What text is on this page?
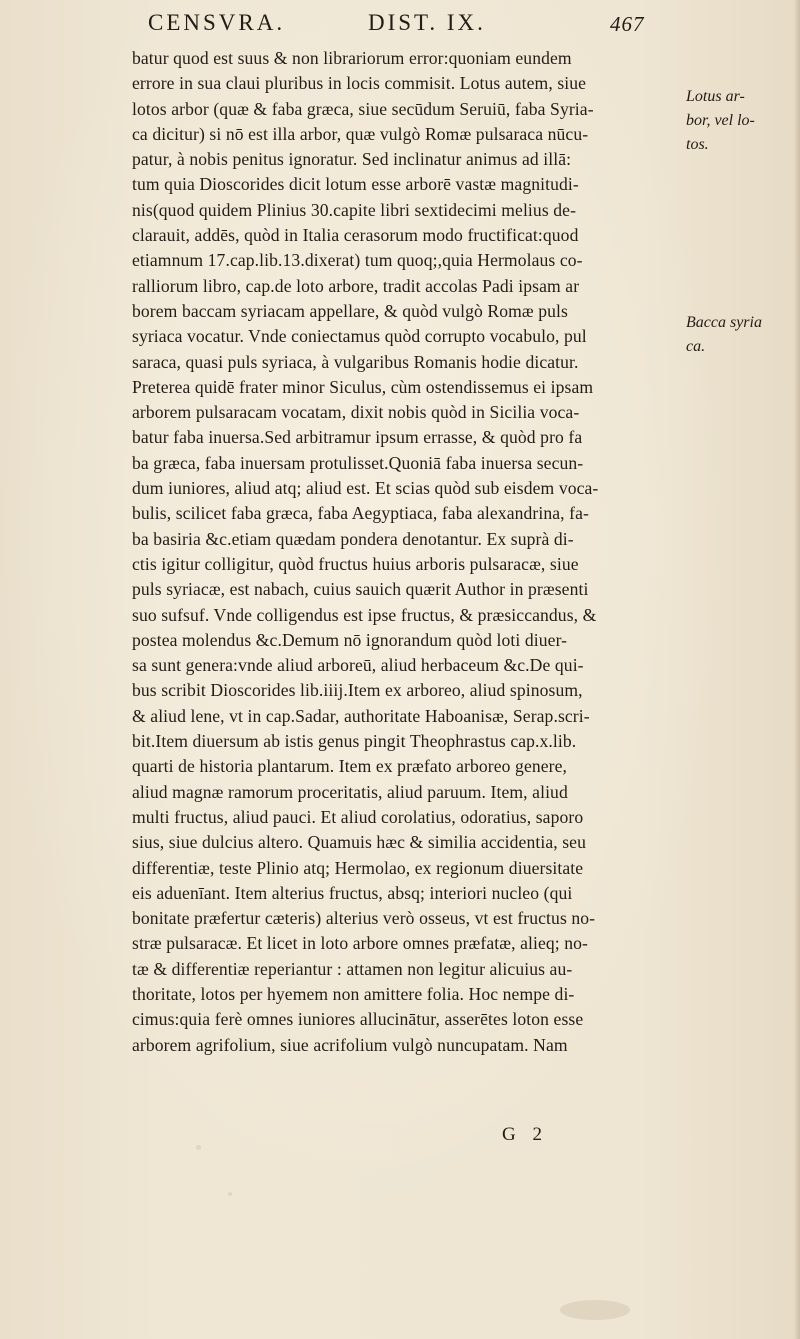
CENSVRA.	DIST. IX.	467
batur quod est suus & non librariorum error:quoniam eundem
errore in sua claui pluribus in locis commisit. Lotus autem, siue
lotos arbor (quæ & faba græca, siue secūdum Seruiū, faba Syria-
ca dicitur) si nō est illa arbor, quæ vulgò Romæ pulsaraca nūcu-
patur, à nobis penitus ignoratur. Sed inclinatur animus ad illā:
tum quia Dioscorides dicit lotum esse arborē vastæ magnitudi-
nis(quod quidem Plinius 30.capite libri sextidecimi melius de-
clarauit, addēs, quòd in Italia cerasorum modo fructificat:quod
etiamnum 17.cap.lib.13.dixerat) tum quoq;,quia Hermolaus co-
ralliorum libro, cap.de loto arbore, tradit accolas Padi ipsam ar
borem baccam syriacam appellare, & quòd vulgò Romæ puls
syriaca vocatur. Vnde coniectamus quòd corrupto vocabulo, pul
saraca, quasi puls syriaca, à vulgaribus Romanis hodie dicatur.
Preterea quidē frater minor Siculus, cùm ostendissemus ei ipsam
arborem pulsaracam vocatam, dixit nobis quòd in Sicilia voca-
batur faba inuersa.Sed arbitramur ipsum errasse, & quòd pro fa
ba græca, faba inuersam protulisset.Quoniā faba inuersa secun-
dum iuniores, aliud atq; aliud est. Et scias quòd sub eisdem voca-
bulis, scilicet faba græca, faba Aegyptiaca, faba alexandrina, fa-
ba basiria &c.etiam quædam pondera denotantur. Ex suprà di-
ctis igitur colligitur, quòd fructus huius arboris pulsaracæ, siue
puls syriacæ, est nabach, cuius sauich quærit Author in præsenti
suo sufsuf. Vnde colligendus est ipse fructus, & præsiccandus, &
postea molendus &c.Demum nō ignorandum quòd loti diuer-
sa sunt genera:vnde aliud arboreū, aliud herbaceum &c.De qui-
bus scribit Dioscorides lib.iiij.Item ex arboreo, aliud spinosum,
& aliud lene, vt in cap.Sadar, authoritate Haboanisæ, Serap.scri-
bit.Item diuersum ab istis genus pingit Theophrastus cap.x.lib.
quarti de historia plantarum. Item ex præfato arboreo genere,
aliud magnæ ramorum proceritatis, aliud paruum. Item, aliud
multi fructus, aliud pauci. Et aliud corolatius, odoratius, saporo
sius, siue dulcius altero. Quamuis hæc & similia accidentia, seu
differentiæ, teste Plinio atq; Hermolao, ex regionum diuersitate
eis aduenīant. Item alterius fructus, absq; interiori nucleo (qui
bonitate præfertur cæteris) alterius verò osseus, vt est fructus no-
stræ pulsaracæ. Et licet in loto arbore omnes præfatæ, alieq; no-
tæ & differentiæ reperiantur : attamen non legitur alicuius au-
thoritate, lotos per hyemem non amittere folia. Hoc nempe di-
cimus:quia ferè omnes iuniores allucinātur, asserētes loton esse
arborem agrifolium, siue acrifolium vulgò nuncupatam. Nam
Lotus ar-
bor, vel lo-
tos.
Bacca syria
ca.
G 2
